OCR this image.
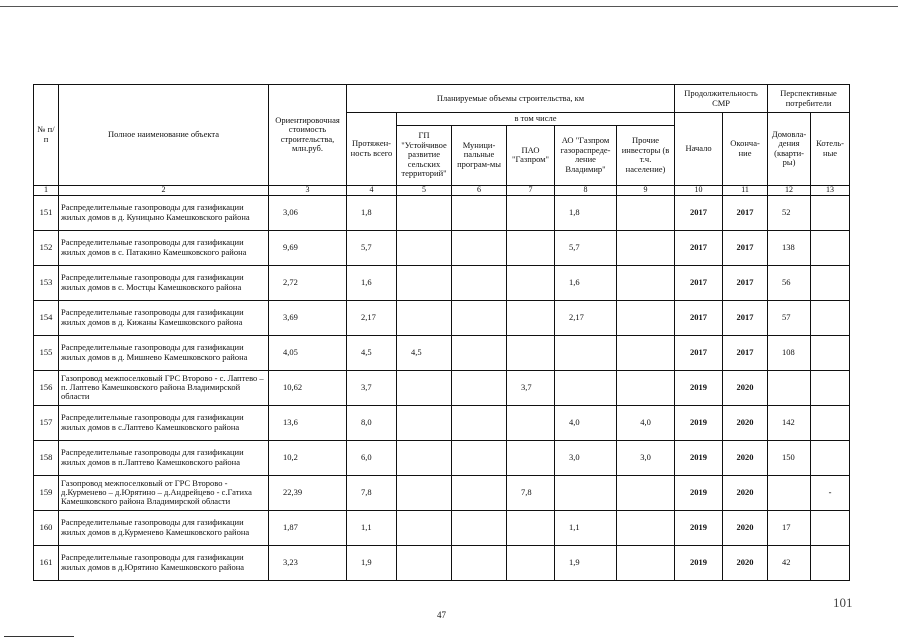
№ п/п	Полное наименование объекта	Ориентировочная стоимость строительства, млн.руб.	Планируемые объемы строительства, км						Продолжительность СМР		Перспективные потребители	
			Протяжен-ность всего	в том числе					Начало	Оконча-ние	Домовла-дения (кварти-ры)	Котель-ные
				ГП "Устойчивое развитие сельских территорий"	Муници-пальные програм-мы	ПАО "Газпром"	АО "Газпром газораспреде-ление Владимир"	Прочие инвесторы (в т.ч. население)				
1	2	3	4	5	6	7	8	9	10	11	12	13
151	Распределительные газопроводы для газификации жилых домов в д. Куницыно Камешковского района	3,06	1,8				1,8		2017	2017	52	
152	Распределительные газопроводы для газификации жилых домов в с. Патакино Камешковского района	9,69	5,7				5,7		2017	2017	138	
153	Распределительные газопроводы для газификации жилых домов в с. Мостцы Камешковского района	2,72	1,6				1,6		2017	2017	56	
154	Распределительные газопроводы для газификации жилых домов в д. Кижаны Камешковского района	3,69	2,17				2,17		2017	2017	57	
155	Распределительные газопроводы для газификации жилых домов в д. Мишнево Камешковского района	4,05	4,5	4,5					2017	2017	108	
156	Газопровод межпоселковый ГРС Второво - с. Лаптево – п. Лаптево Камешковского района Владимирской области	10,62	3,7			3,7			2019	2020		
157	Распределительные газопроводы для газификации жилых домов в с.Лаптево Камешковского района	13,6	8,0				4,0	4,0	2019	2020	142	
158	Распределительные газопроводы для газификации жилых домов в п.Лаптево Камешковского района	10,2	6,0				3,0	3,0	2019	2020	150	
159	Газопровод межпоселковый от ГРС Второво - д.Курменево – д.Юрятино – д.Андрейцево - с.Гатиха Камешковского района Владимирской области	22,39	7,8			7,8			2019	2020		-
160	Распределительные газопроводы для газификации жилых домов в д.Курменево Камешковского района	1,87	1,1				1,1		2019	2020	17	
161	Распределительные газопроводы для газификации жилых домов в д.Юрятино Камешковского района	3,23	1,9				1,9		2019	2020	42	
47
101
